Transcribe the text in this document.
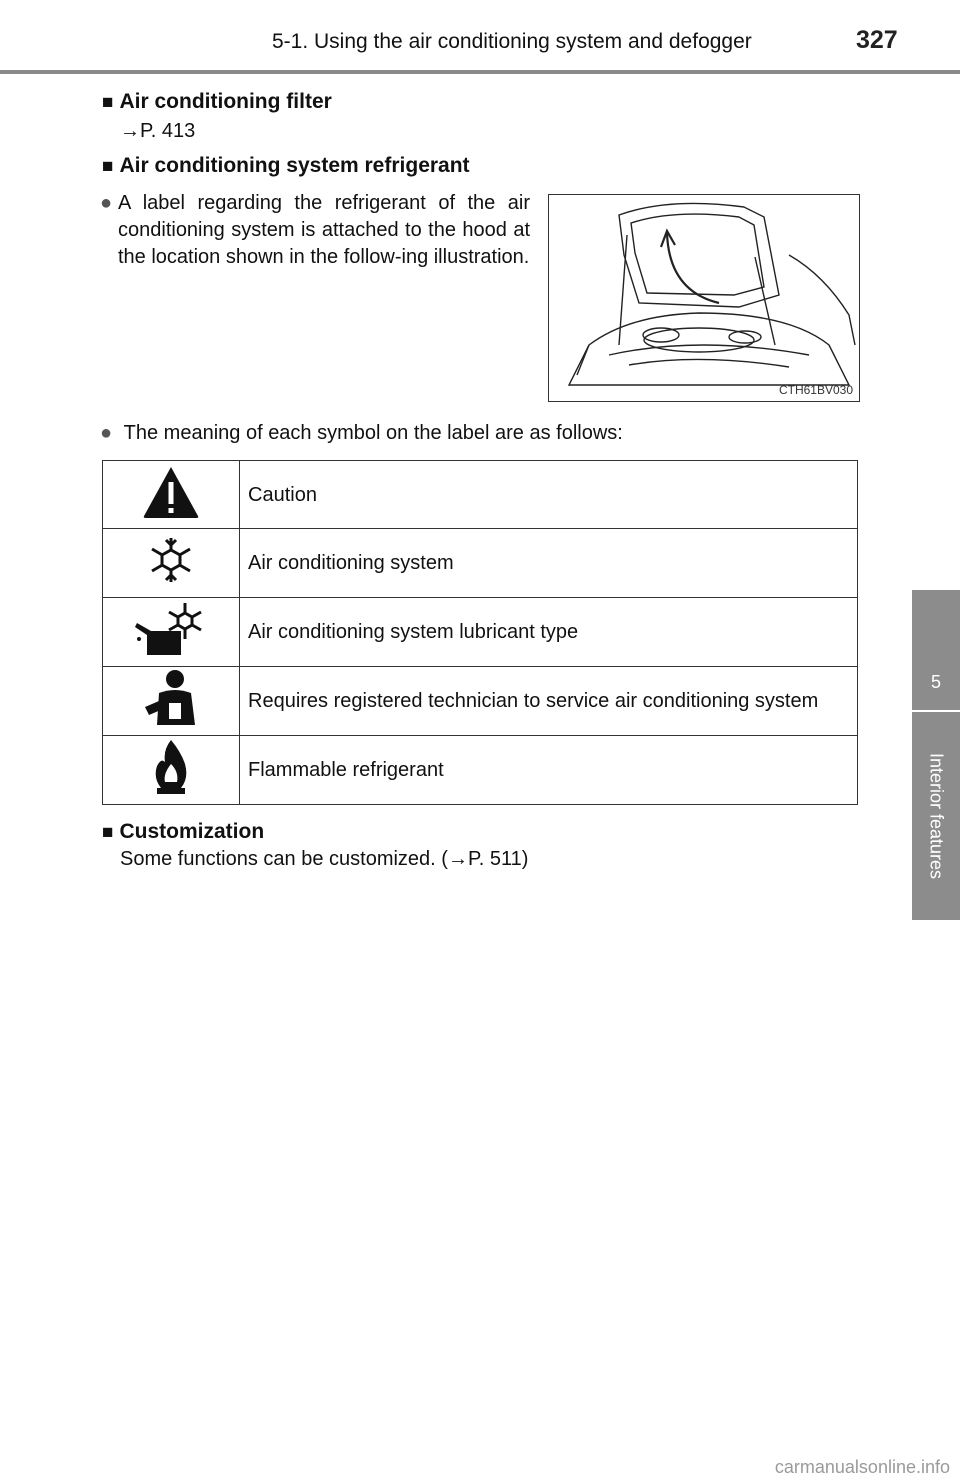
5-1. Using the air conditioning system and defogger	327
5
Interior features
■ Air conditioning filter
→P. 413
■ Air conditioning system refrigerant
● A label regarding the refrigerant of the air conditioning system is attached to the hood at the location shown in the follow-ing illustration.
CTH61BV030
● The meaning of each symbol on the label are as follows:
	Caution
	Air conditioning system
	Air conditioning system lubricant type
	Requires registered technician to service air conditioning system
	Flammable refrigerant
■ Customization
Some functions can be customized. (→P. 511)
carmanualsonline.info
